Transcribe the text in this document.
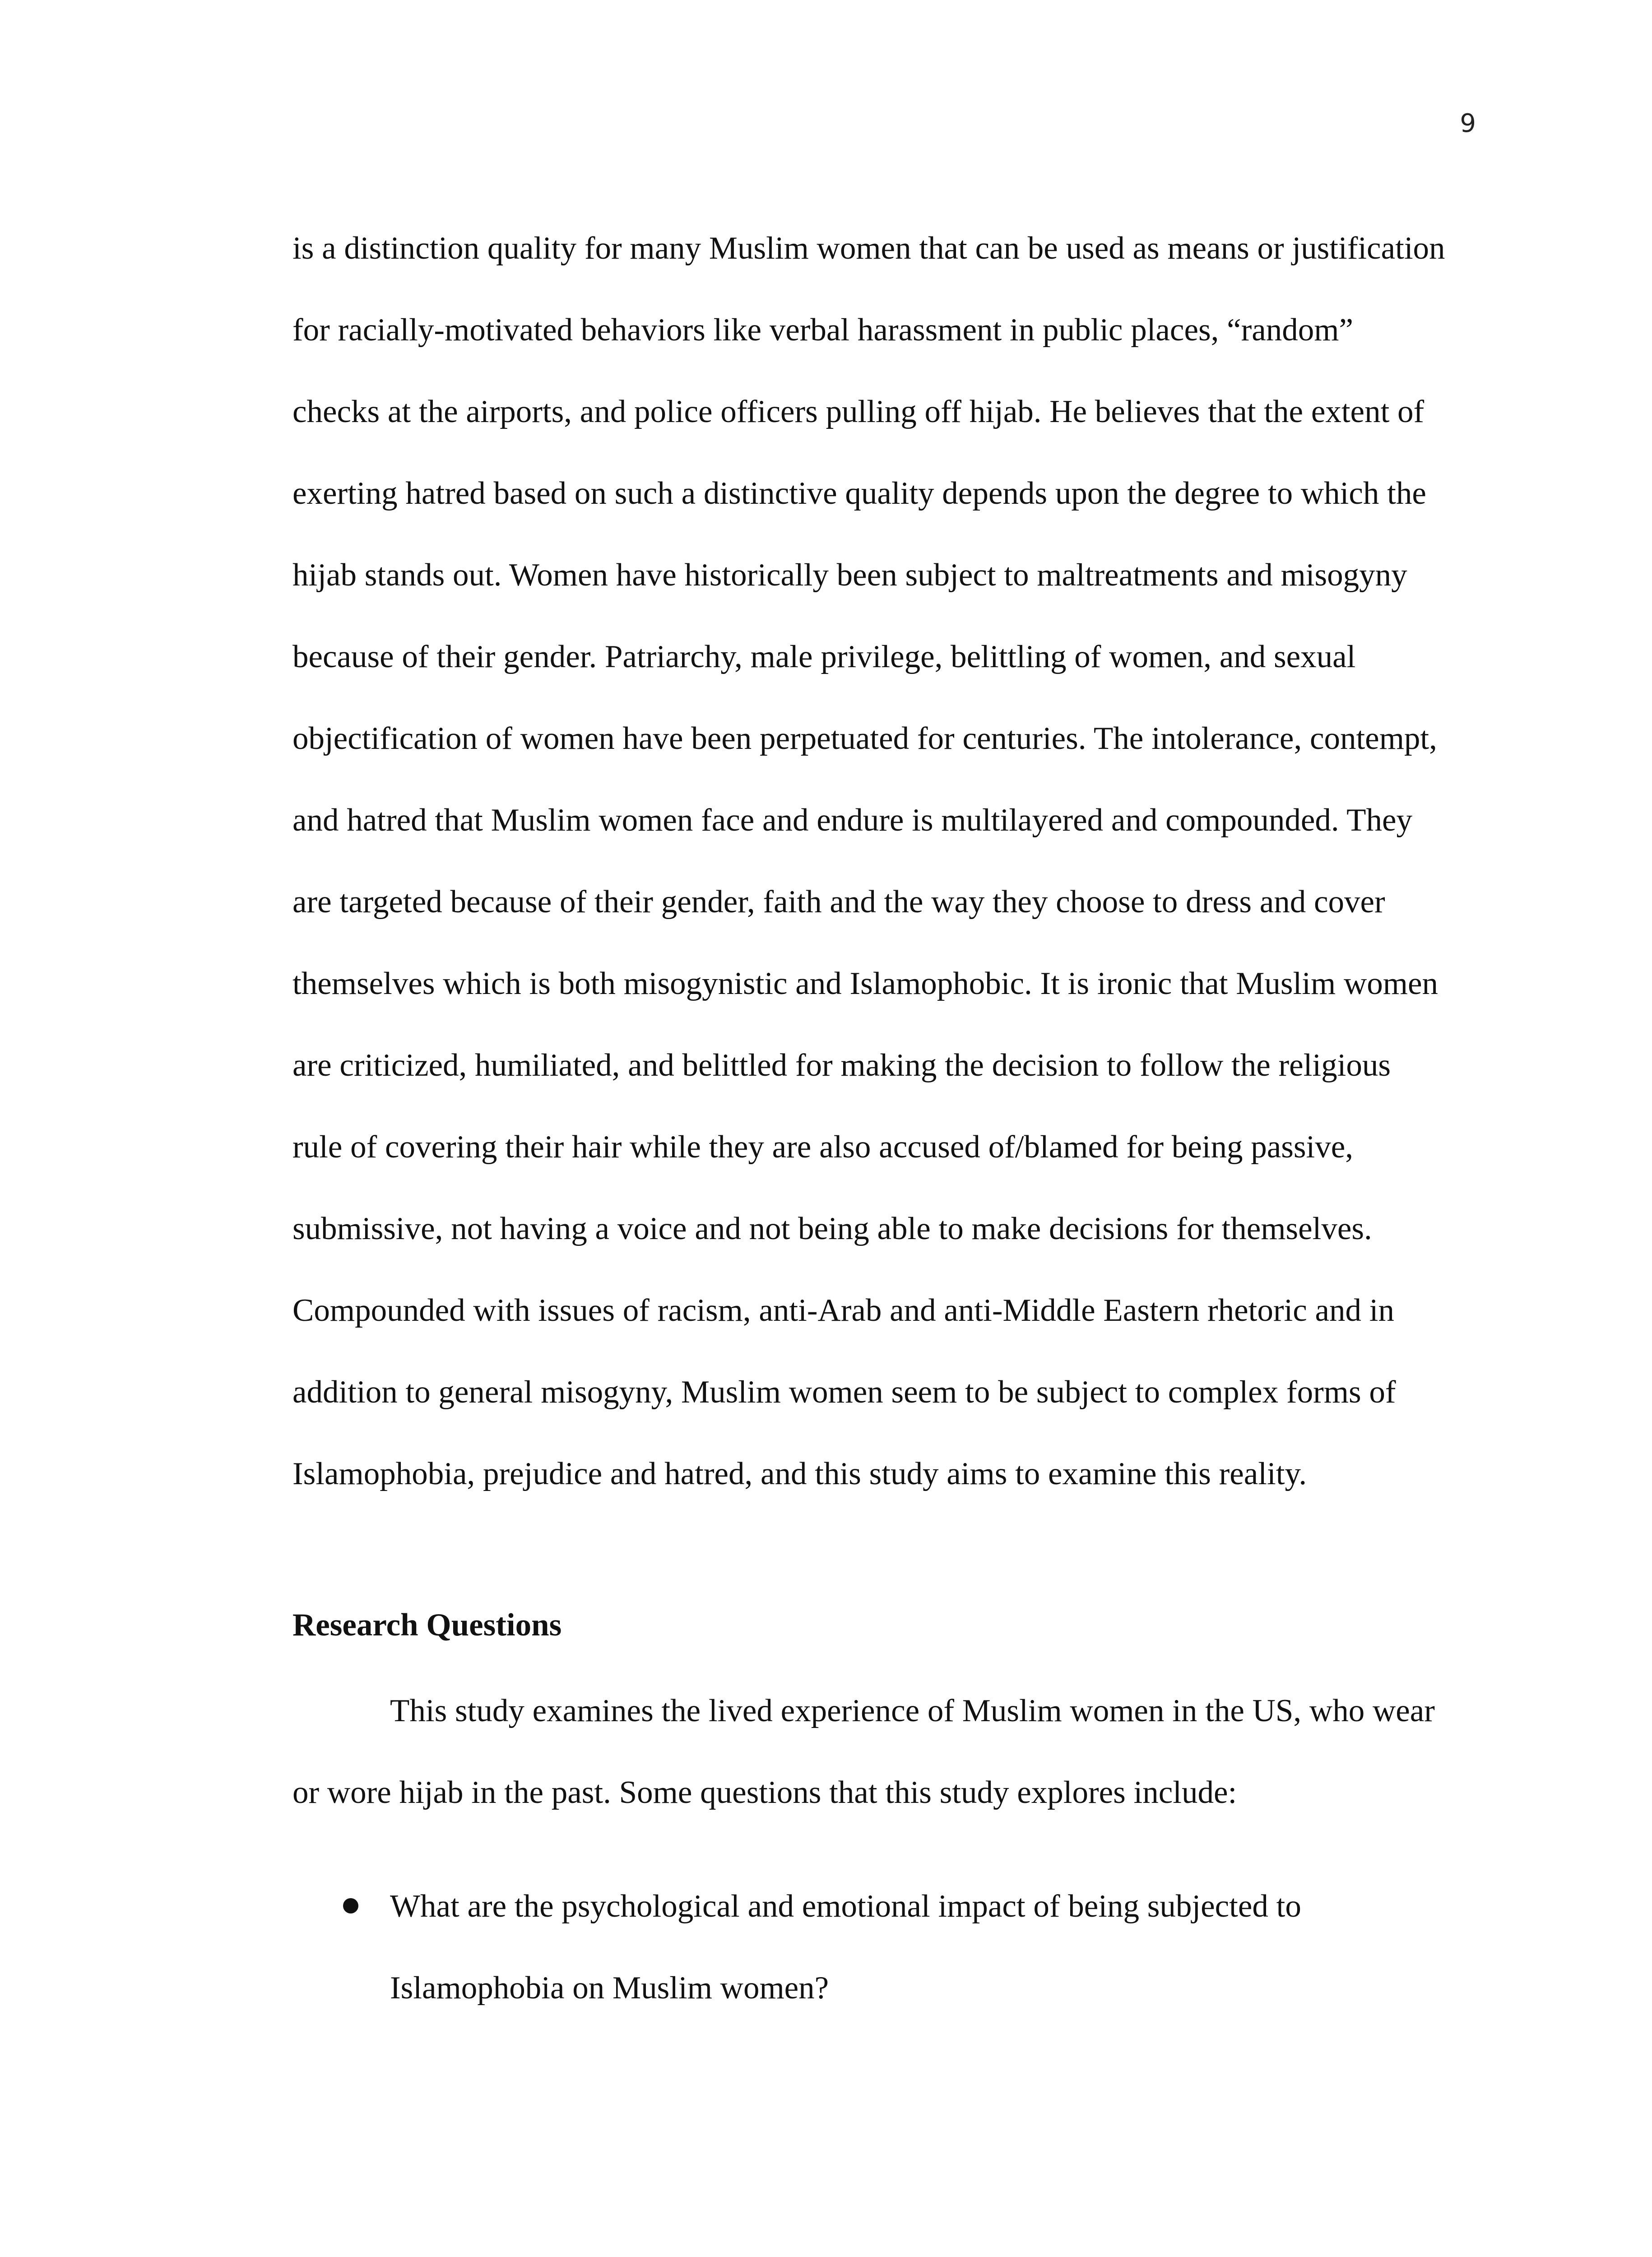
9
is a distinction quality for many Muslim women that can be used as means or justification
for racially-motivated behaviors like verbal harassment in public places, “random”
checks at the airports, and police officers pulling off hijab. He believes that the extent of
exerting hatred based on such a distinctive quality depends upon the degree to which the
hijab stands out. Women have historically been subject to maltreatments and misogyny
because of their gender. Patriarchy, male privilege, belittling of women, and sexual
objectification of women have been perpetuated for centuries. The intolerance, contempt,
and hatred that Muslim women face and endure is multilayered and compounded. They
are targeted because of their gender, faith and the way they choose to dress and cover
themselves which is both misogynistic and Islamophobic. It is ironic that Muslim women
are criticized, humiliated, and belittled for making the decision to follow the religious
rule of covering their hair while they are also accused of/blamed for being passive,
submissive, not having a voice and not being able to make decisions for themselves.
Compounded with issues of racism, anti-Arab and anti-Middle Eastern rhetoric and in
addition to general misogyny, Muslim women seem to be subject to complex forms of
Islamophobia, prejudice and hatred, and this study aims to examine this reality.
Research Questions
This study examines the lived experience of Muslim women in the US, who wear
or wore hijab in the past. Some questions that this study explores include:
What are the psychological and emotional impact of being subjected to
Islamophobia on Muslim women?
